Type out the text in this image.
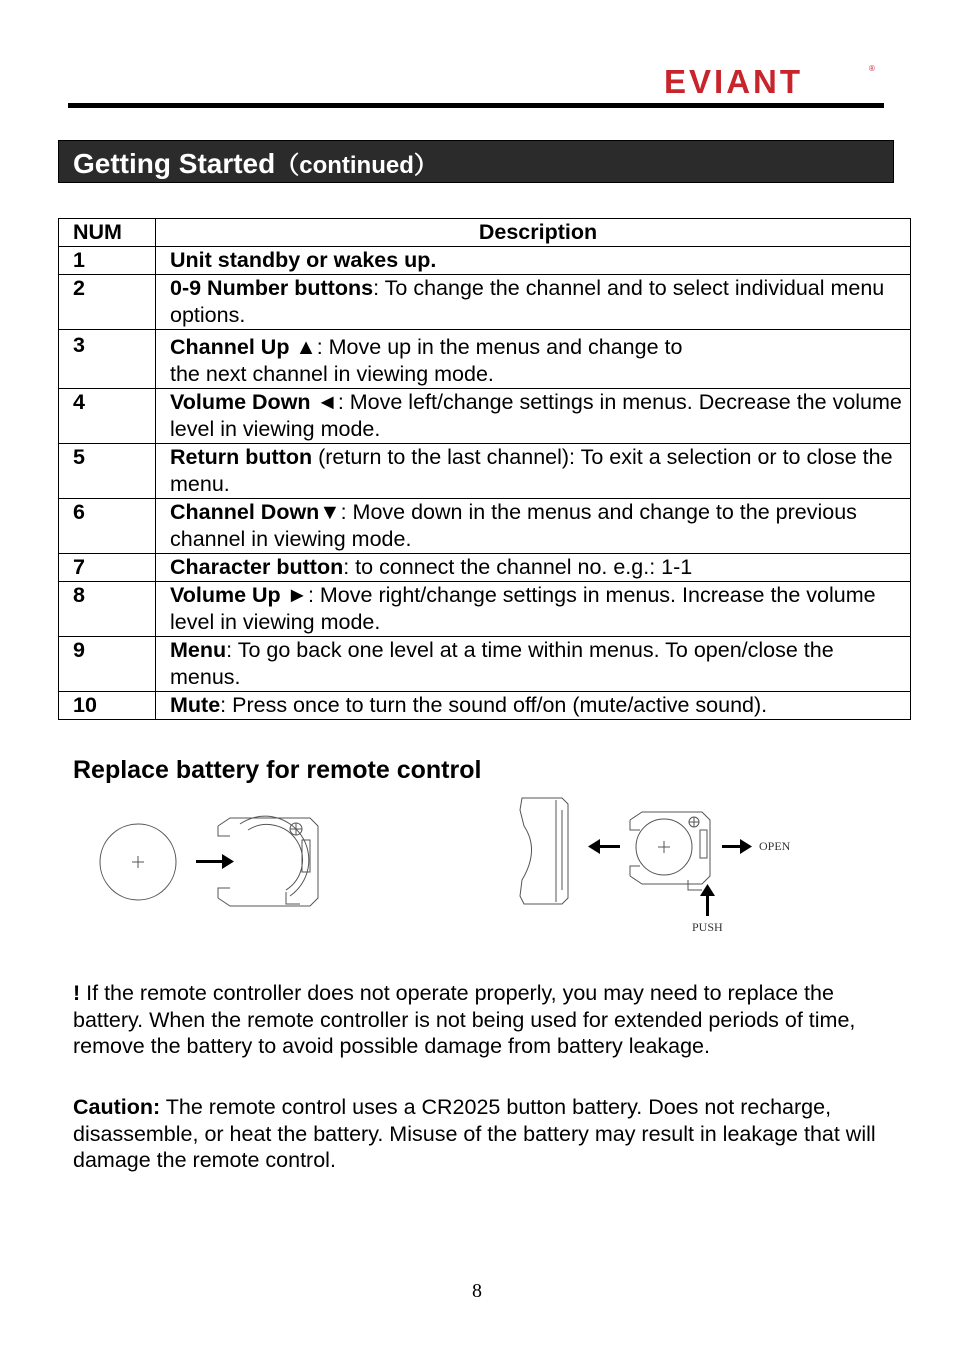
EVIANT	®
Getting Started（continued）
NUM	Description
1	Unit standby or wakes up.
2	0-9 Number buttons: To change the channel and to select individual menu options.
3	Channel Up ▲: Move up in the menus and change to
the next channel in viewing mode.
4	Volume Down ◄: Move left/change settings in menus. Decrease the volume level in viewing mode.
5	Return button (return to the last channel): To exit a selection or to close the menu.
6	Channel Down▼: Move down in the menus and change to the previous channel in viewing mode.
7	Character button: to connect the channel no. e.g.: 1-1
8	Volume Up ►: Move right/change settings in menus. Increase the volume level in viewing mode.
9	Menu: To go back one level at a time within menus. To open/close the menus.
10	Mute: Press once to turn the sound off/on (mute/active sound).
Replace battery for remote control
OPEN
PUSH
! If the remote controller does not operate properly, you may need to replace the battery. When the remote controller is not being used for extended periods of time, remove the battery to avoid possible damage from battery leakage.
Caution: The remote control uses a CR2025 button battery. Does not recharge, disassemble, or heat the battery. Misuse of the battery may result in leakage that will damage the remote control.
8
